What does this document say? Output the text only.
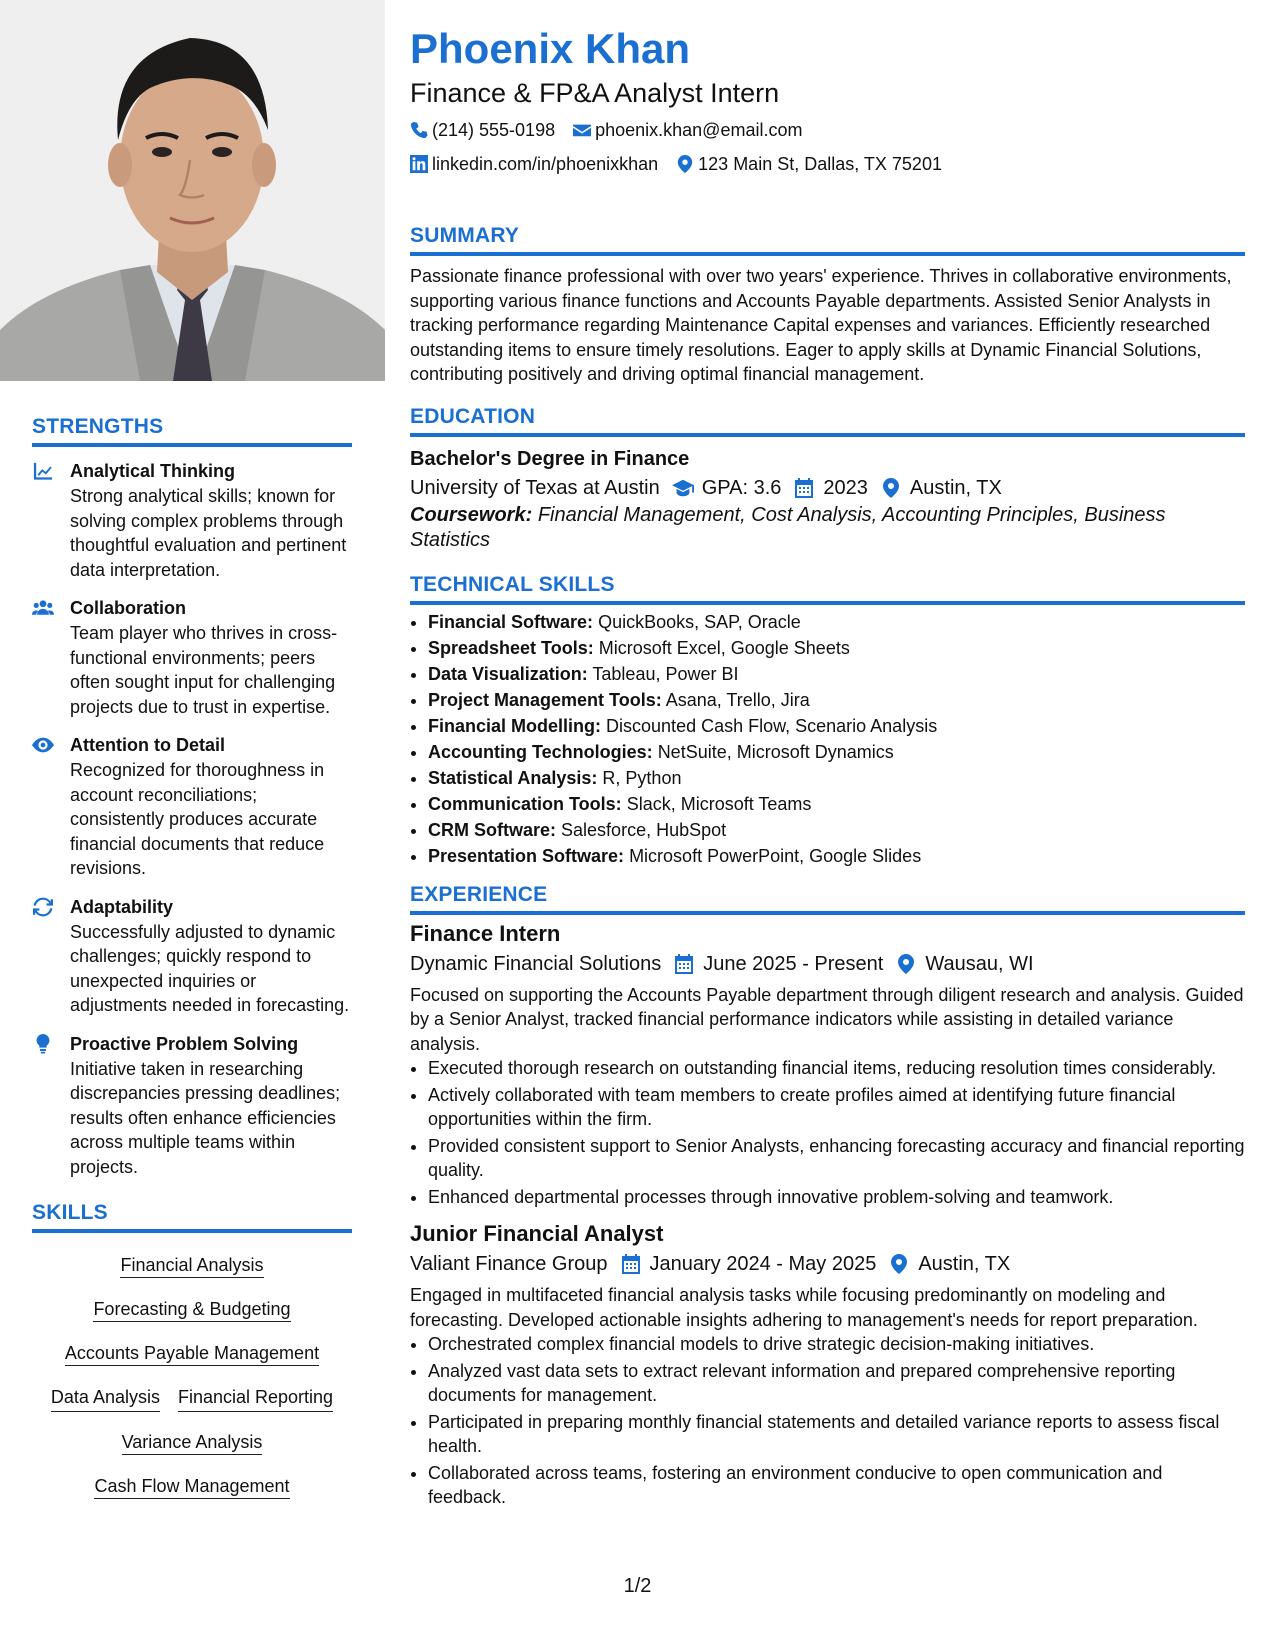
STRENGTHS
Analytical Thinking
Strong analytical skills; known for solving complex problems through thoughtful evaluation and pertinent data interpretation.
Collaboration
Team player who thrives in cross-functional environments; peers often sought input for challenging projects due to trust in expertise.
Attention to Detail
Recognized for thoroughness in account reconciliations; consistently produces accurate financial documents that reduce revisions.
Adaptability
Successfully adjusted to dynamic challenges; quickly respond to unexpected inquiries or adjustments needed in forecasting.
Proactive Problem Solving
Initiative taken in researching discrepancies pressing deadlines; results often enhance efficiencies across multiple teams within projects.
SKILLS
Financial Analysis
Forecasting & Budgeting
Accounts Payable Management
Data Analysis Financial Reporting
Variance Analysis
Cash Flow Management
Phoenix Khan
Finance & FP&A Analyst Intern
(214) 555-0198 phoenix.khan@email.com
linkedin.com/in/phoenixkhan 123 Main St, Dallas, TX 75201
SUMMARY

Passionate finance professional with over two years' experience. Thrives in collaborative environments, supporting various finance functions and Accounts Payable departments. Assisted Senior Analysts in tracking performance regarding Maintenance Capital expenses and variances. Efficiently researched outstanding items to ensure timely resolutions. Eager to apply skills at Dynamic Financial Solutions, contributing positively and driving optimal financial management.

EDUCATION
Bachelor's Degree in Finance
University of Texas at Austin GPA: 3.6 2023 Austin, TX
Coursework: Financial Management, Cost Analysis, Accounting Principles, Business Statistics
TECHNICAL SKILLS
• Financial Software: QuickBooks, SAP, Oracle
• Spreadsheet Tools: Microsoft Excel, Google Sheets
• Data Visualization: Tableau, Power BI
• Project Management Tools: Asana, Trello, Jira
• Financial Modelling: Discounted Cash Flow, Scenario Analysis
• Accounting Technologies: NetSuite, Microsoft Dynamics
• Statistical Analysis: R, Python
• Communication Tools: Slack, Microsoft Teams
• CRM Software: Salesforce, HubSpot
• Presentation Software: Microsoft PowerPoint, Google Slides
EXPERIENCE
Finance Intern
Dynamic Financial Solutions June 2025 - Present Wausau, WI
Focused on supporting the Accounts Payable department through diligent research and analysis. Guided by a Senior Analyst, tracked financial performance indicators while assisting in detailed variance analysis.
• Executed thorough research on outstanding financial items, reducing resolution times considerably.
• Actively collaborated with team members to create profiles aimed at identifying future financial opportunities within the firm.
• Provided consistent support to Senior Analysts, enhancing forecasting accuracy and financial reporting quality.
• Enhanced departmental processes through innovative problem-solving and teamwork.
Junior Financial Analyst
Valiant Finance Group January 2024 - May 2025 Austin, TX
Engaged in multifaceted financial analysis tasks while focusing predominantly on modeling and forecasting. Developed actionable insights adhering to management's needs for report preparation.
• Orchestrated complex financial models to drive strategic decision-making initiatives.
• Analyzed vast data sets to extract relevant information and prepared comprehensive reporting documents for management.
• Participated in preparing monthly financial statements and detailed variance reports to assess fiscal health.
• Collaborated across teams, fostering an environment conducive to open communication and feedback.
1/2
